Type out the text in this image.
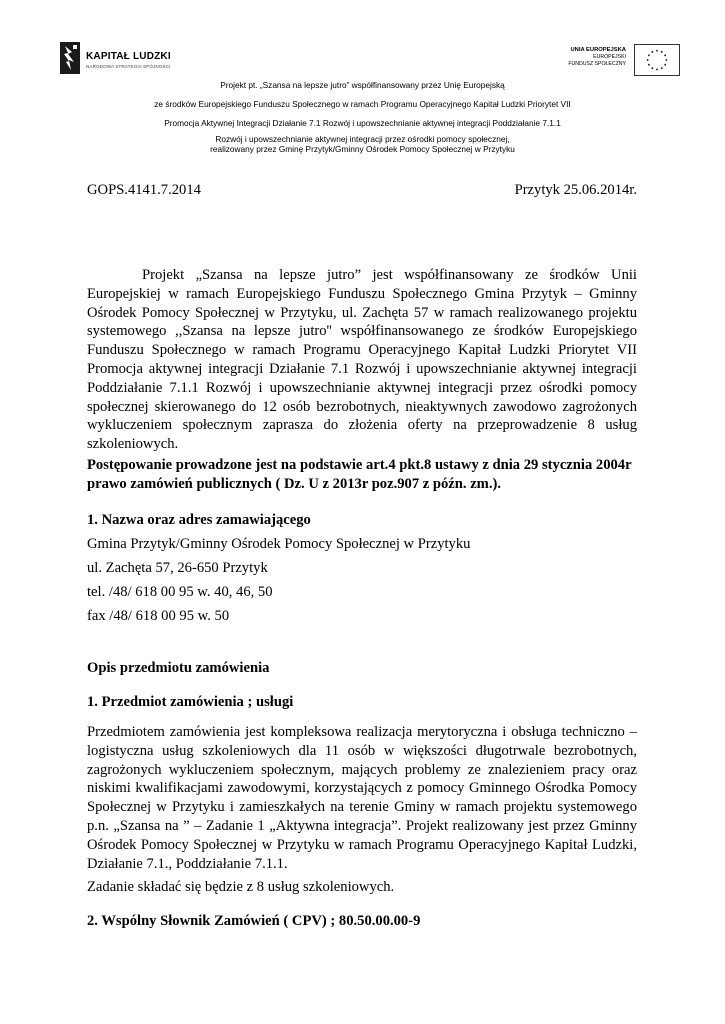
KAPITAŁ LUDZKI
NARODOWA STRATEGIA SPÓJNOŚCI
UNIA EUROPEJSKA
EUROPEJSKI
FUNDUSZ SPOŁECZNY
Projekt pt. „Szansa na lepsze jutro” współfinansowany przez Unię Europejską
ze środków Europejskiego Funduszu Społecznego w ramach Programu Operacyjnego Kapitał Ludzki Priorytet VII
Promocja Aktywnej Integracji Działanie 7.1 Rozwój i upowszechnianie aktywnej integracji Poddziałanie 7.1.1
Rozwój i upowszechnianie aktywnej integracji przez ośrodki pomocy społecznej,
realizowany przez Gminę Przytyk/Gminny Ośrodek Pomocy Społecznej w Przytyku
GOPS.4141.7.2014	Przytyk 25.06.2014r.
Projekt „Szansa na lepsze jutro” jest współfinansowany ze środków Unii
Europejskiej w ramach Europejskiego Funduszu Społecznego Gmina Przytyk – Gminny
Ośrodek Pomocy Społecznej w Przytyku, ul. Zachęta 57 w ramach realizowanego projektu
systemowego ,,Szansa na lepsze jutro'' współfinansowanego ze środków Europejskiego
Funduszu Społecznego w ramach Programu Operacyjnego Kapitał Ludzki Priorytet VII
Promocja aktywnej integracji Działanie 7.1 Rozwój i upowszechnianie aktywnej integracji
Poddziałanie 7.1.1 Rozwój i upowszechnianie aktywnej integracji przez ośrodki pomocy
społecznej skierowanego do 12 osób bezrobotnych, nieaktywnych zawodowo zagrożonych
wykluczeniem społecznym zaprasza do złożenia oferty na przeprowadzenie 8 usług
szkoleniowych.
Postępowanie prowadzone jest na podstawie art.4 pkt.8 ustawy z dnia 29 stycznia 2004r
prawo zamówień publicznych ( Dz. U z 2013r poz.907 z późn. zm.).
1. Nazwa oraz adres zamawiającego
Gmina Przytyk/Gminny Ośrodek Pomocy Społecznej w Przytyku
ul. Zachęta 57, 26-650 Przytyk
tel. /48/ 618 00 95 w. 40, 46, 50
fax /48/ 618 00 95 w. 50
Opis przedmiotu zamówienia
1. Przedmiot zamówienia ; usługi
Przedmiotem zamówienia jest kompleksowa realizacja merytoryczna i obsługa techniczno –
logistyczna usług szkoleniowych dla 11 osób w większości długotrwale bezrobotnych,
zagrożonych wykluczeniem społecznym, mających problemy ze znalezieniem pracy oraz
niskimi kwalifikacjami zawodowymi, korzystających z pomocy Gminnego Ośrodka Pomocy
Społecznej w Przytyku i zamieszkałych na terenie Gminy w ramach projektu systemowego
p.n. „Szansa na ” – Zadanie 1 „Aktywna integracja”. Projekt realizowany jest przez Gminny
Ośrodek Pomocy Społecznej w Przytyku w ramach Programu Operacyjnego Kapitał Ludzki,
Działanie 7.1., Poddziałanie 7.1.1.
Zadanie składać się będzie z 8 usług szkoleniowych.
2. Wspólny Słownik Zamówień ( CPV) ; 80.50.00.00-9
